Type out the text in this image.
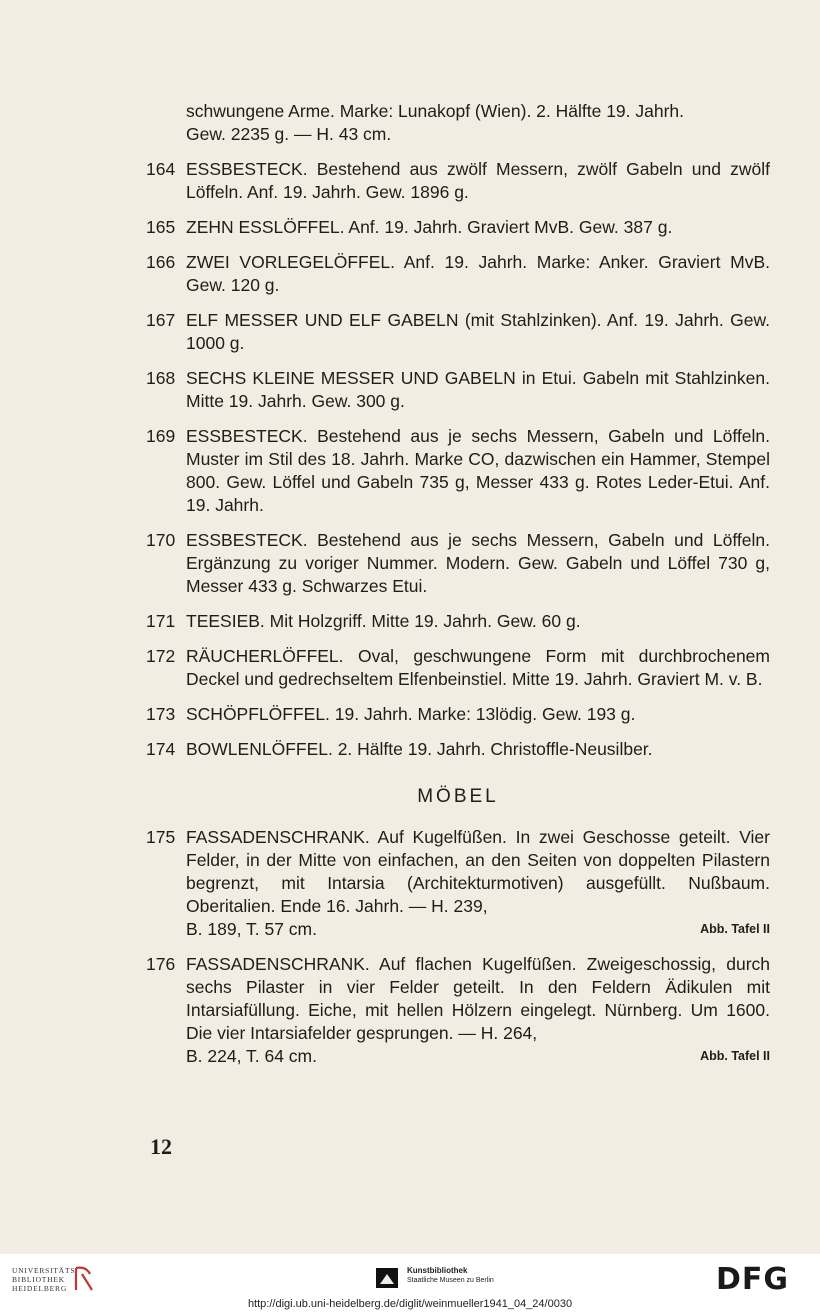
schwungene Arme. Marke: Lunakopf (Wien). 2. Hälfte 19. Jahrh.
Gew. 2235 g. — H. 43 cm.
164 ESSBESTECK. Bestehend aus zwölf Messern, zwölf Gabeln und zwölf Löffeln. Anf. 19. Jahrh. Gew. 1896 g.
165 ZEHN ESSLÖFFEL. Anf. 19. Jahrh. Graviert MvB. Gew. 387 g.
166 ZWEI VORLEGELÖFFEL. Anf. 19. Jahrh. Marke: Anker. Graviert MvB. Gew. 120 g.
167 ELF MESSER UND ELF GABELN (mit Stahlzinken). Anf. 19. Jahrh. Gew. 1000 g.
168 SECHS KLEINE MESSER UND GABELN in Etui. Gabeln mit Stahlzinken. Mitte 19. Jahrh. Gew. 300 g.
169 ESSBESTECK. Bestehend aus je sechs Messern, Gabeln und Löffeln. Muster im Stil des 18. Jahrh. Marke CO, dazwischen ein Hammer, Stempel 800. Gew. Löffel und Gabeln 735 g, Messer 433 g. Rotes Leder-Etui. Anf. 19. Jahrh.
170 ESSBESTECK. Bestehend aus je sechs Messern, Gabeln und Löffeln. Ergänzung zu voriger Nummer. Modern. Gew. Gabeln und Löffel 730 g, Messer 433 g. Schwarzes Etui.
171 TEESIEB. Mit Holzgriff. Mitte 19. Jahrh. Gew. 60 g.
172 RÄUCHERLÖFFEL. Oval, geschwungene Form mit durchbrochenem Deckel und gedrechseltem Elfenbeinstiel. Mitte 19. Jahrh. Graviert M. v. B.
173 SCHÖPFLÖFFEL. 19. Jahrh. Marke: 13lödig. Gew. 193 g.
174 BOWLENLÖFFEL. 2. Hälfte 19. Jahrh. Christoffle-Neusilber.
MÖBEL
175 FASSADENSCHRANK. Auf Kugelfüßen. In zwei Geschosse geteilt. Vier Felder, in der Mitte von einfachen, an den Seiten von doppelten Pilastern begrenzt, mit Intarsia (Architekturmotiven) ausgefüllt. Nußbaum. Oberitalien. Ende 16. Jahrh. — H. 239,
B. 189, T. 57 cm.	Abb. Tafel II
176 FASSADENSCHRANK. Auf flachen Kugelfüßen. Zweigeschossig, durch sechs Pilaster in vier Felder geteilt. In den Feldern Ädikulen mit Intarsiafüllung. Eiche, mit hellen Hölzern eingelegt. Nürnberg. Um 1600. Die vier Intarsiafelder gesprungen. — H. 264,
B. 224, T. 64 cm.	Abb. Tafel II
12
UNIVERSITÄTS
BIBLIOTHEK
HEIDELBERG
Kunstbibliothek
Staatliche Museen zu Berlin	DFG
http://digi.ub.uni-heidelberg.de/diglit/weinmueller1941_04_24/0030
